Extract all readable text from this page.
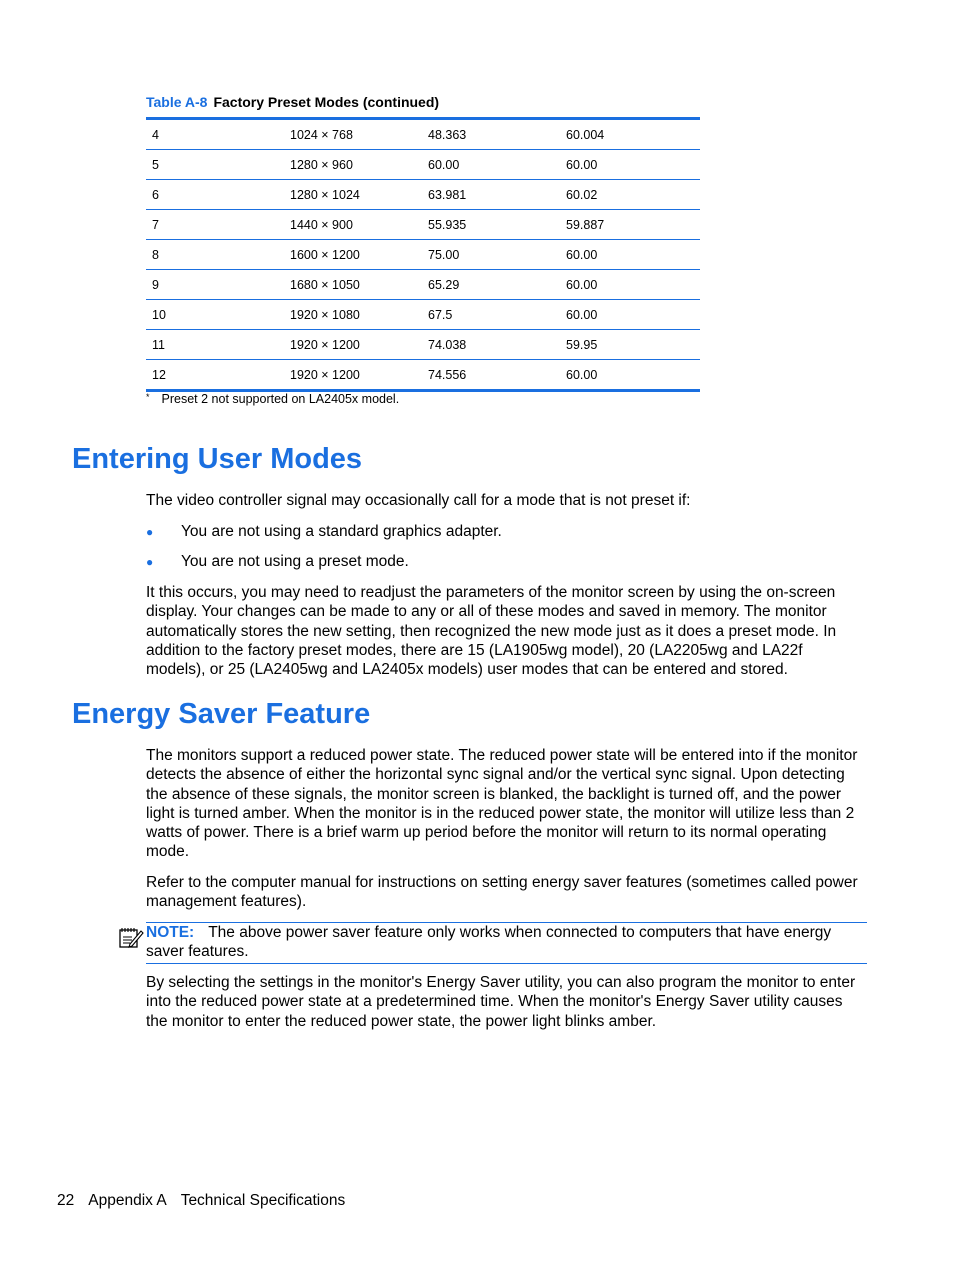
Table A-8 Factory Preset Modes (continued)
4	1024 × 768	48.363	60.004
5	1280 × 960	60.00	60.00
6	1280 × 1024	63.981	60.02
7	1440 × 900	55.935	59.887
8	1600 × 1200	75.00	60.00
9	1680 × 1050	65.29	60.00
10	1920 × 1080	67.5	60.00
11	1920 × 1200	74.038	59.95
12	1920 × 1200	74.556	60.00
* Preset 2 not supported on LA2405x model.
Entering User Modes

The video controller signal may occasionally call for a mode that is not preset if:

● You are not using a standard graphics adapter.
● You are not using a preset mode.

It this occurs, you may need to readjust the parameters of the monitor screen by using the on-screen display. Your changes can be made to any or all of these modes and saved in memory. The monitor automatically stores the new setting, then recognized the new mode just as it does a preset mode. In addition to the factory preset modes, there are 15 (LA1905wg model), 20 (LA2205wg and LA22f models), or 25 (LA2405wg and LA2405x models) user modes that can be entered and stored.

Energy Saver Feature

The monitors support a reduced power state. The reduced power state will be entered into if the monitor detects the absence of either the horizontal sync signal and/or the vertical sync signal. Upon detecting the absence of these signals, the monitor screen is blanked, the backlight is turned off, and the power light is turned amber. When the monitor is in the reduced power state, the monitor will utilize less than 2 watts of power. There is a brief warm up period before the monitor will return to its normal operating mode.

Refer to the computer manual for instructions on setting energy saver features (sometimes called power management features).

NOTE: The above power saver feature only works when connected to computers that have energy saver features.

By selecting the settings in the monitor's Energy Saver utility, you can also program the monitor to enter into the reduced power state at a predetermined time. When the monitor's Energy Saver utility causes the monitor to enter the reduced power state, the power light blinks amber.

22 Appendix A Technical Specifications
